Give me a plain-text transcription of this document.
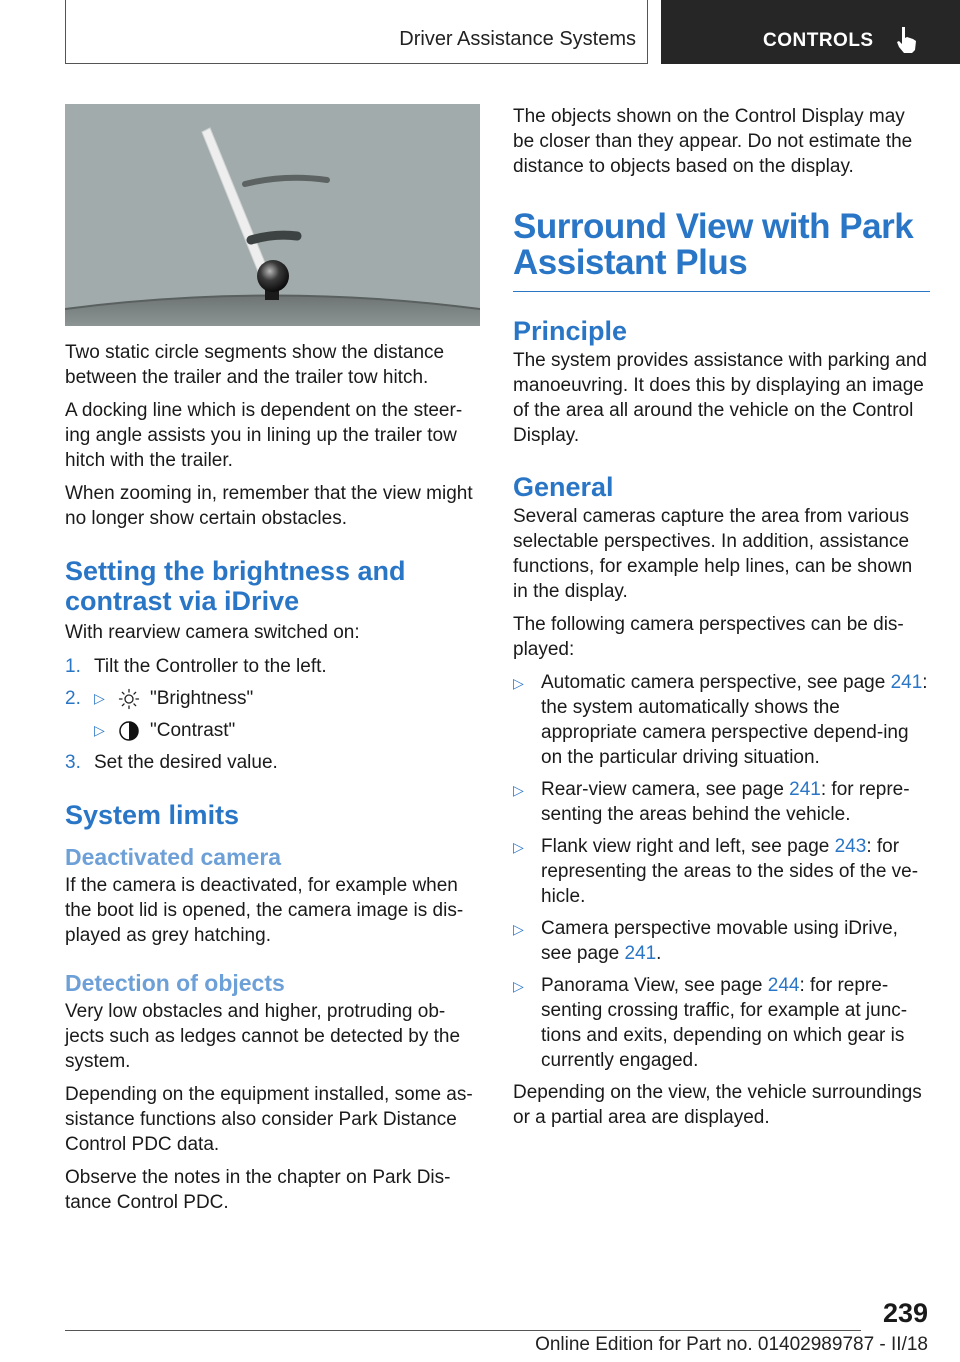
Driver Assistance Systems	CONTROLS

Two static circle segments show the distance between the trailer and the trailer tow hitch.

A docking line which is dependent on the steer‐ing angle assists you in lining up the trailer tow hitch with the trailer.

When zooming in, remember that the view might no longer show certain obstacles.

Setting the brightness and contrast via iDrive

With rearview camera switched on:

1. Tilt the Controller to the left.
2. ▷	"Brightness"
▷	"Contrast"
3. Set the desired value.
System limits
Deactivated camera

If the camera is deactivated, for example when the boot lid is opened, the camera image is dis‐played as grey hatching.

Detection of objects

Very low obstacles and higher, protruding ob‐jects such as ledges cannot be detected by the system.

Depending on the equipment installed, some as‐sistance functions also consider Park Distance Control PDC data.

Observe the notes in the chapter on Park Dis‐tance Control PDC.

The objects shown on the Control Display may be closer than they appear. Do not estimate the distance to objects based on the display.

Surround View with Park Assistant Plus
Principle

The system provides assistance with parking and manoeuvring. It does this by displaying an image of the area all around the vehicle on the Control Display.

General

Several cameras capture the area from various selectable perspectives. In addition, assistance functions, for example help lines, can be shown in the display.

The following camera perspectives can be dis‐played:

▷ Automatic camera perspective, see page 241: the system automatically shows the appropriate camera perspective depend‐ing on the particular driving situation.
▷ Rear-view camera, see page 241: for repre‐senting the areas behind the vehicle.
▷ Flank view right and left, see page 243: for representing the areas to the sides of the ve‐hicle.
▷ Camera perspective movable using iDrive, see page 241.
▷ Panorama View, see page 244: for repre‐senting crossing traffic, for example at junc‐tions and exits, depending on which gear is currently engaged.

Depending on the view, the vehicle surroundings or a partial area are displayed.

239
Online Edition for Part no. 01402989787 - II/18
